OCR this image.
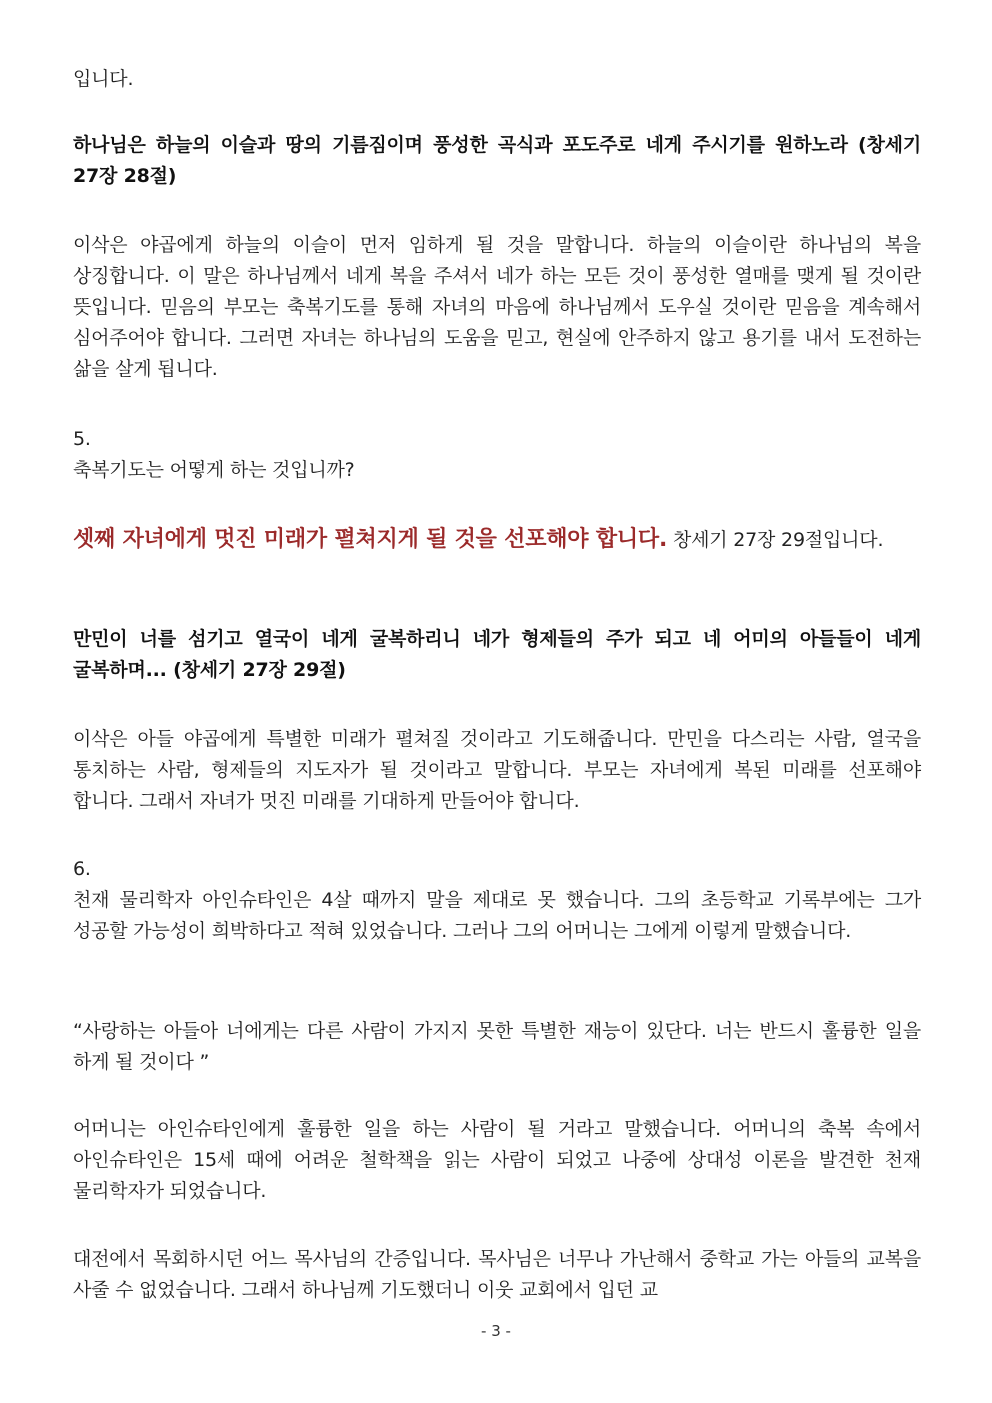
입니다.
하나님은 하늘의 이슬과 땅의 기름짐이며 풍성한 곡식과 포도주로 네게 주시기를 원하노라 (창세기 27장 28절)
이삭은 야곱에게 하늘의 이슬이 먼저 임하게 될 것을 말합니다. 하늘의 이슬이란 하나님의 복을 상징합니다. 이 말은 하나님께서 네게 복을 주셔서 네가 하는 모든 것이 풍성한 열매를 맺게 될 것이란 뜻입니다. 믿음의 부모는 축복기도를 통해 자녀의 마음에 하나님께서 도우실 것이란 믿음을 계속해서 심어주어야 합니다. 그러면 자녀는 하나님의 도움을 믿고, 현실에 안주하지 않고 용기를 내서 도전하는 삶을 살게 됩니다.
5.
축복기도는 어떻게 하는 것입니까?
셋째 자녀에게 멋진 미래가 펼쳐지게 될 것을 선포해야 합니다. 창세기 27장 29절입니다.
만민이 너를 섬기고 열국이 네게 굴복하리니 네가 형제들의 주가 되고 네 어미의 아들들이 네게 굴복하며... (창세기 27장 29절)
이삭은 아들 야곱에게 특별한 미래가 펼쳐질 것이라고 기도해줍니다. 만민을 다스리는 사람, 열국을 통치하는 사람, 형제들의 지도자가 될 것이라고 말합니다. 부모는 자녀에게 복된 미래를 선포해야 합니다. 그래서 자녀가 멋진 미래를 기대하게 만들어야 합니다.
6.
천재 물리학자 아인슈타인은 4살 때까지 말을 제대로 못 했습니다. 그의 초등학교 기록부에는 그가 성공할 가능성이 희박하다고 적혀 있었습니다. 그러나 그의 어머니는 그에게 이렇게 말했습니다.
“사랑하는 아들아 너에게는 다른 사람이 가지지 못한 특별한 재능이 있단다. 너는 반드시 훌륭한 일을 하게 될 것이다 ”
어머니는 아인슈타인에게 훌륭한 일을 하는 사람이 될 거라고 말했습니다. 어머니의 축복 속에서 아인슈타인은 15세 때에 어려운 철학책을 읽는 사람이 되었고 나중에 상대성 이론을 발견한 천재 물리학자가 되었습니다.
대전에서 목회하시던 어느 목사님의 간증입니다. 목사님은 너무나 가난해서 중학교 가는 아들의 교복을 사줄 수 없었습니다. 그래서 하나님께 기도했더니 이웃 교회에서 입던 교
- 3 -
